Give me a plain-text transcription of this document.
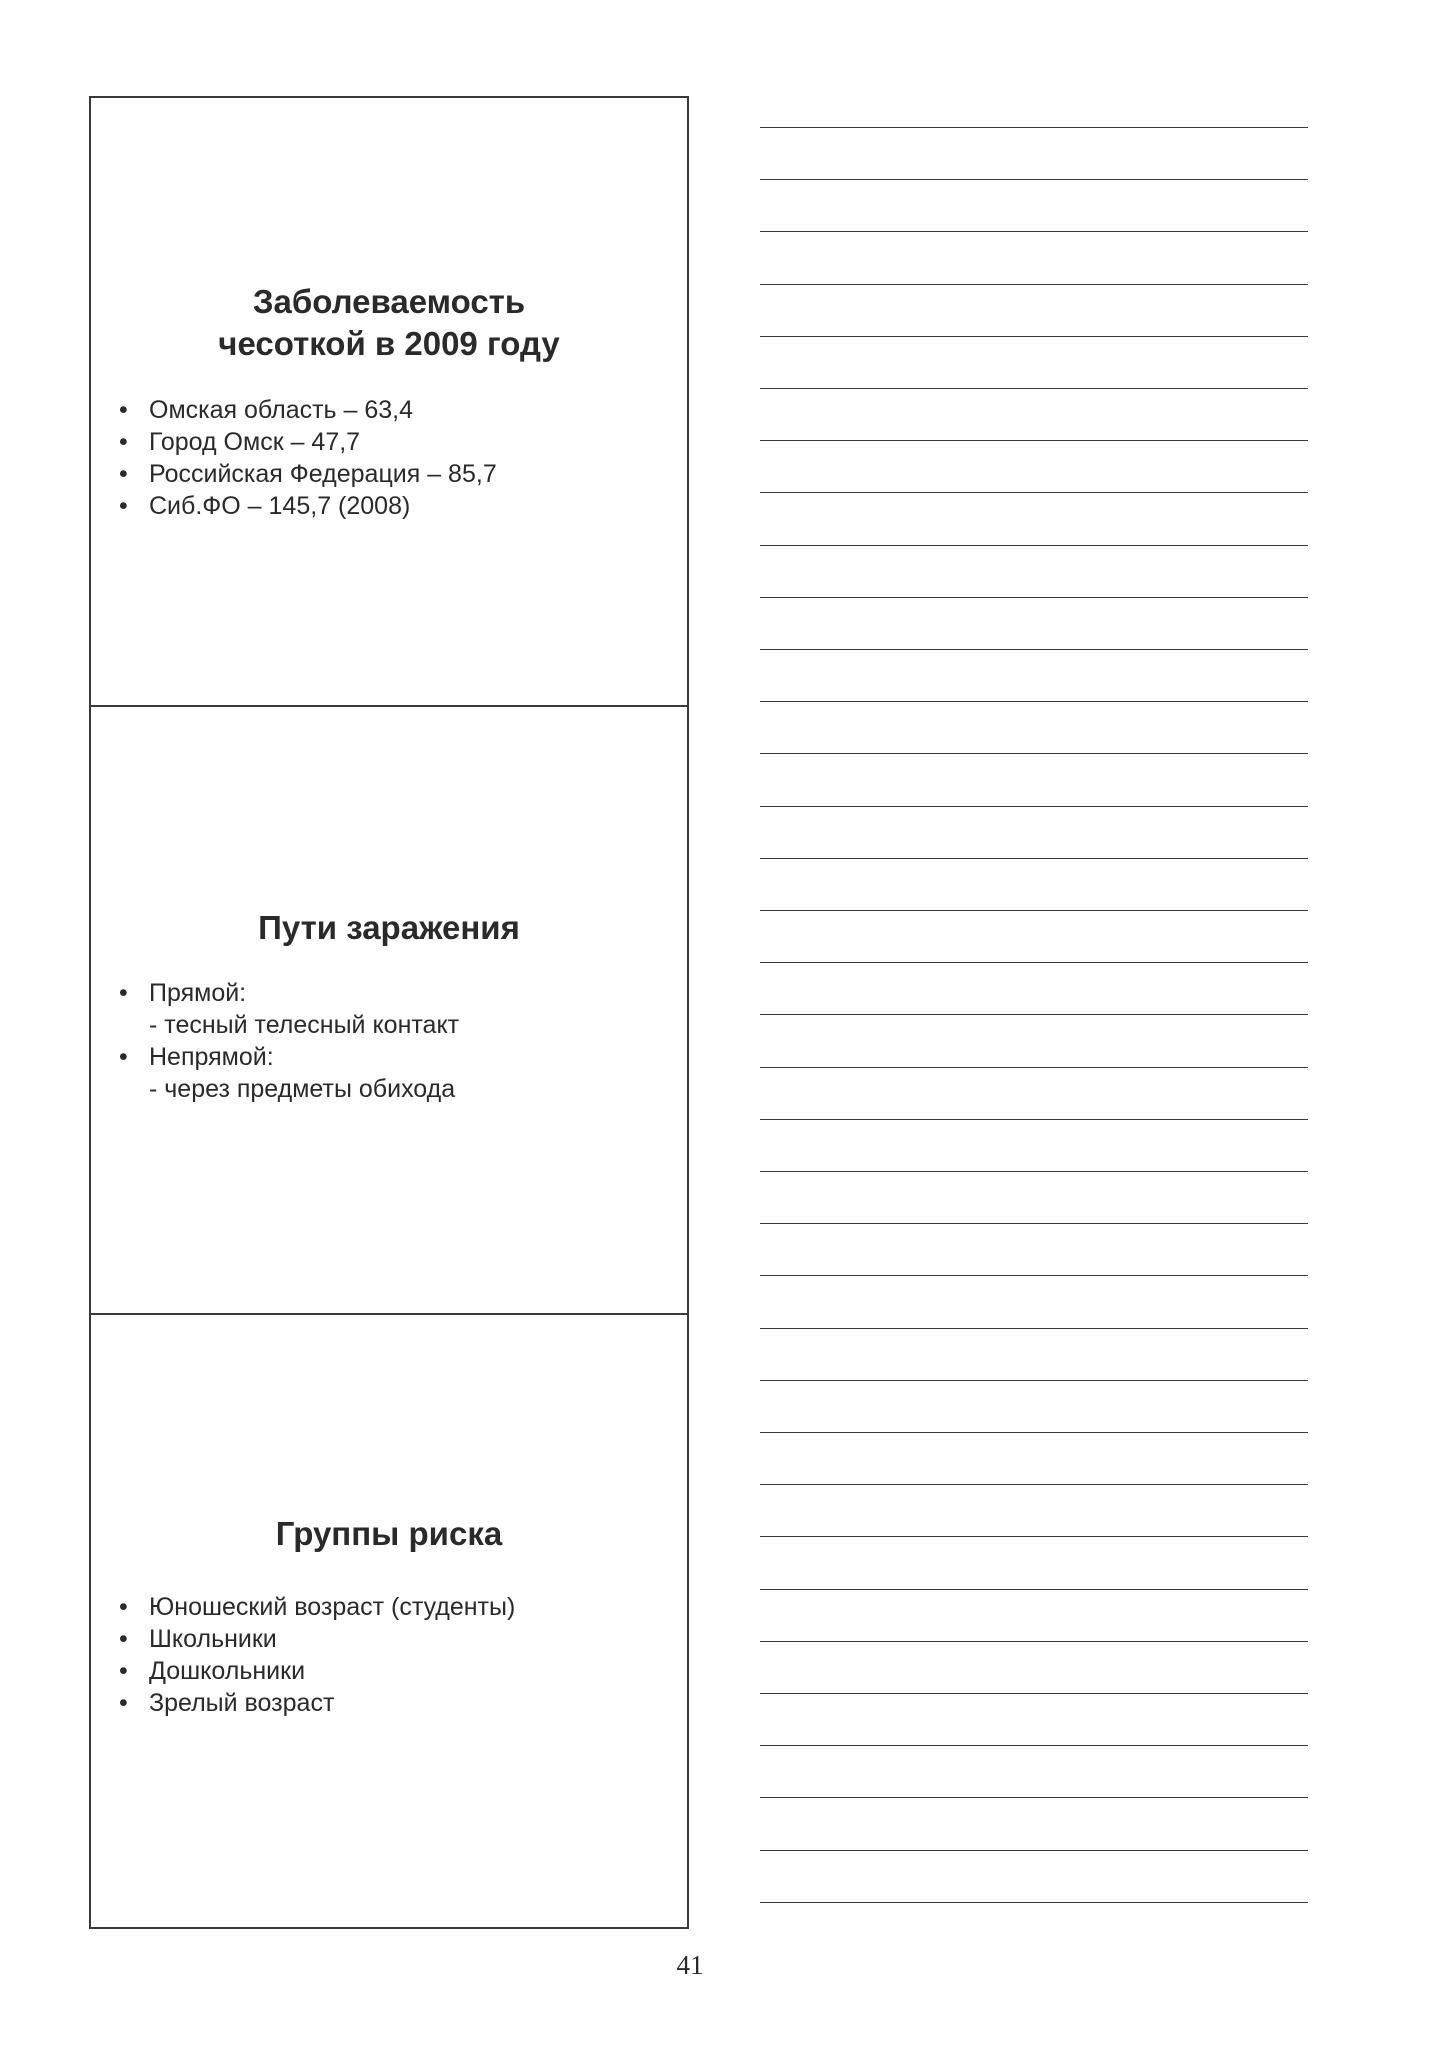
Заболеваемость
чесоткой в 2009 году
• Омская область – 63,4
• Город Омск – 47,7
• Российская Федерация – 85,7
• Сиб.ФО – 145,7 (2008)
Пути заражения
• Прямой:
- тесный телесный контакт
• Непрямой:
- через предметы обихода
Группы риска
• Юношеский возраст (студенты)
• Школьники
• Дошкольники
• Зрелый возраст
41
